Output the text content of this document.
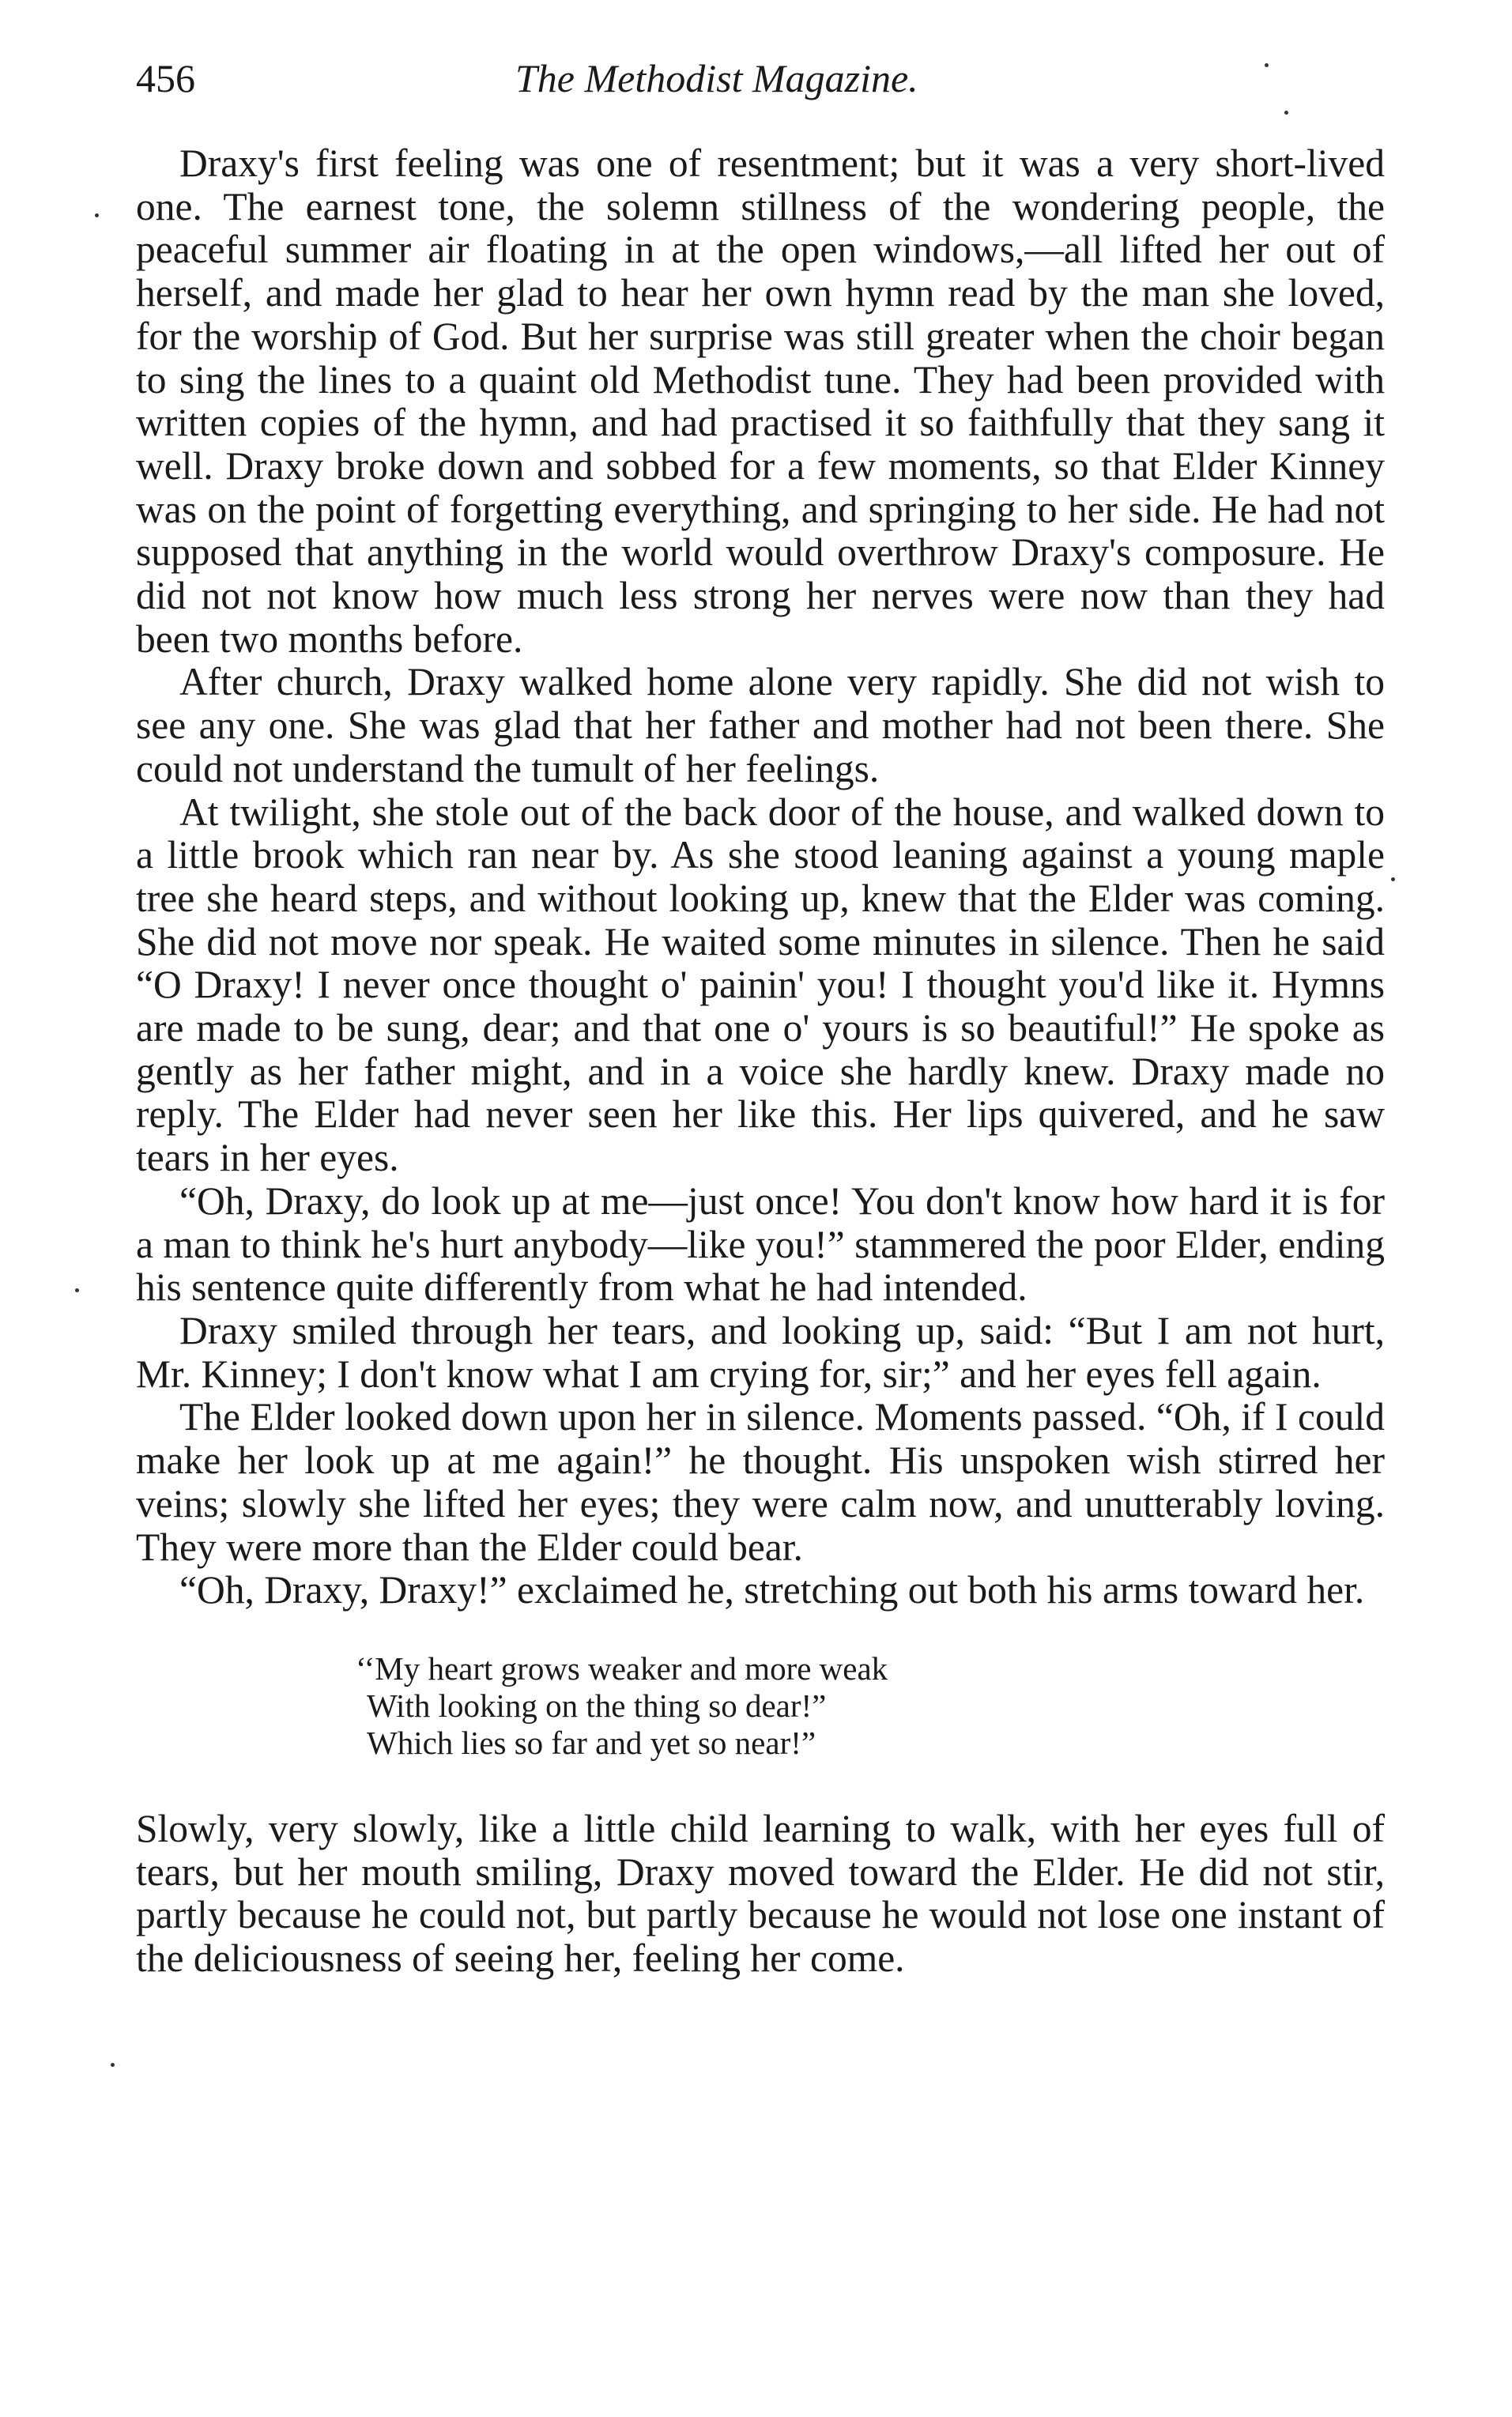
456	The Methodist Magazine.

Draxy's first feeling was one of resentment; but it was a very short-lived one. The earnest tone, the solemn stillness of the wondering people, the peaceful summer air floating in at the open windows,—all lifted her out of herself, and made her glad to hear her own hymn read by the man she loved, for the worship of God. But her surprise was still greater when the choir began to sing the lines to a quaint old Methodist tune. They had been provided with written copies of the hymn, and had practised it so faithfully that they sang it well. Draxy broke down and sobbed for a few moments, so that Elder Kinney was on the point of forgetting everything, and springing to her side. He had not supposed that anything in the world would overthrow Draxy's composure. He did not not know how much less strong her nerves were now than they had been two months before.

After church, Draxy walked home alone very rapidly. She did not wish to see any one. She was glad that her father and mother had not been there. She could not understand the tumult of her feelings.

At twilight, she stole out of the back door of the house, and walked down to a little brook which ran near by. As she stood leaning against a young maple tree she heard steps, and without looking up, knew that the Elder was coming. She did not move nor speak. He waited some minutes in silence. Then he said “O Draxy! I never once thought o' painin' you! I thought you'd like it. Hymns are made to be sung, dear; and that one o' yours is so beautiful!” He spoke as gently as her father might, and in a voice she hardly knew. Draxy made no reply. The Elder had never seen her like this. Her lips quivered, and he saw tears in her eyes.

“Oh, Draxy, do look up at me—just once! You don't know how hard it is for a man to think he's hurt anybody—like you!” stammered the poor Elder, ending his sentence quite differently from what he had intended.

Draxy smiled through her tears, and looking up, said: “But I am not hurt, Mr. Kinney; I don't know what I am crying for, sir;” and her eyes fell again.

The Elder looked down upon her in silence. Moments passed. “Oh, if I could make her look up at me again!” he thought. His unspoken wish stirred her veins; slowly she lifted her eyes; they were calm now, and unutterably loving. They were more than the Elder could bear.

“Oh, Draxy, Draxy!” exclaimed he, stretching out both his arms toward her.

‘‘My heart grows weaker and more weak
With looking on the thing so dear!”
Which lies so far and yet so near!”

Slowly, very slowly, like a little child learning to walk, with her eyes full of tears, but her mouth smiling, Draxy moved toward the Elder. He did not stir, partly because he could not, but partly because he would not lose one instant of the deliciousness of seeing her, feeling her come.
